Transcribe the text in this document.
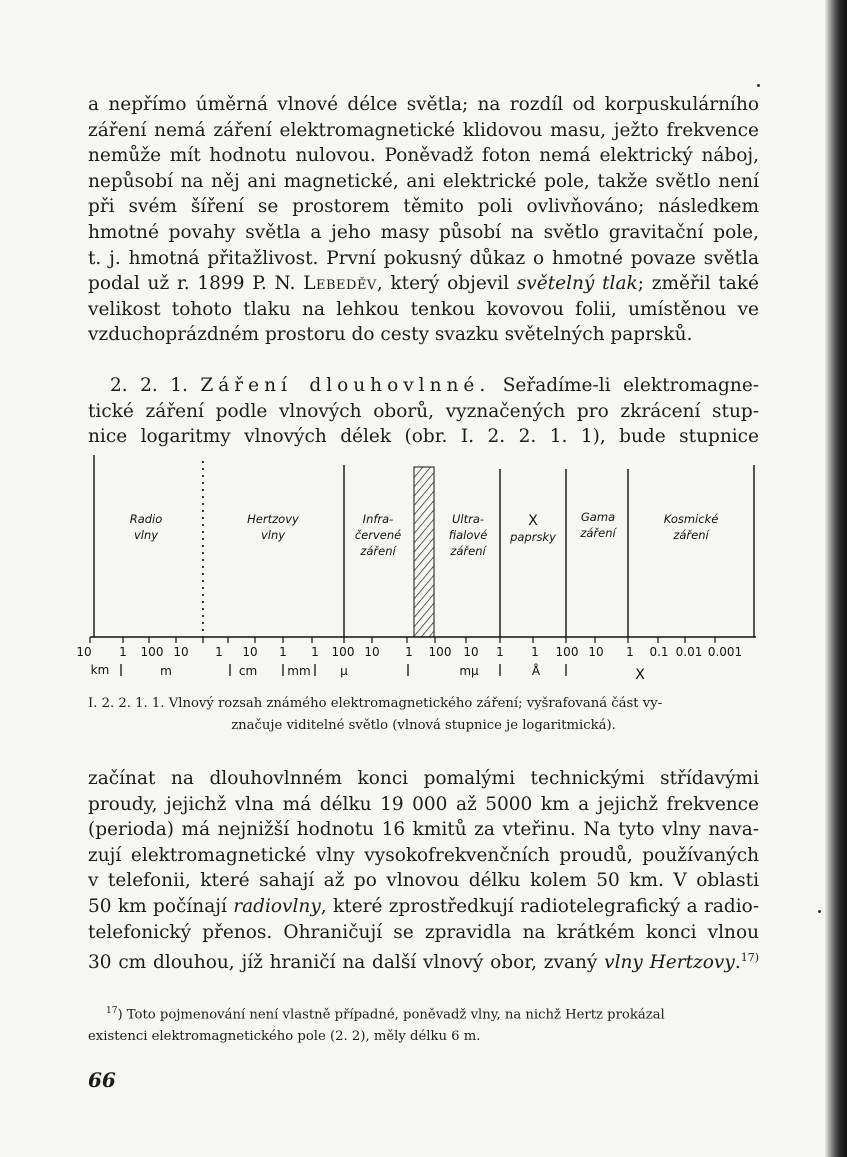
a nepřímo úměrná vlnové délce světla; na rozdíl od korpuskulárního
záření nemá záření elektromagnetické klidovou masu, ježto frekvence
nemůže mít hodnotu nulovou. Poněvadž foton nemá elektrický náboj,
nepůsobí na něj ani magnetické, ani elektrické pole, takže světlo není
při svém šíření se prostorem těmito poli ovlivňováno; následkem
hmotné povahy světla a jeho masy působí na světlo gravitační pole,
t. j. hmotná přitažlivost. První pokusný důkaz o hmotné povaze světla
podal už r. 1899 P. N. Lebeděv, který objevil světelný tlak; změřil také
velikost tohoto tlaku na lehkou tenkou kovovou folii, umístěnou ve
vzduchoprázdném prostoru do cesty svazku světelných paprsků.

2. 2. 1. Záření dlouhovlnné. Seřadíme-li elektromagne-
tické záření podle vlnových oborů, vyznačených pro zkrácení stup-
nice logaritmy vlnových délek (obr. I. 2. 2. 1. 1), bude stupnice

Radio
vlny
Hertzovy
vlny
Infra-
červené
záření
Ultra-
fialové
záření
X
paprsky
Gama
záření
Kosmické
záření
10 1 100 10 1 10 1 1 100 10 1 100 10 1 1 100 10 1 0.1 0.01 0.001
km	m	cm	mm μ	mμ	Å	X

I. 2. 2. 1. 1. Vlnový rozsah známého elektromagnetického záření; vyšrafovaná část vy-
značuje viditelné světlo (vlnová stupnice je logaritmická).

začínat na dlouhovlnném konci pomalými technickými střídavými
proudy, jejichž vlna má délku 19 000 až 5000 km a jejichž frekvence
(perioda) má nejnižší hodnotu 16 kmitů za vteřinu. Na tyto vlny nava-
zují elektromagnetické vlny vysokofrekvenčních proudů, používaných
v telefonii, které sahají až po vlnovou délku kolem 50 km. V oblasti
50 km počínají radiovlny, které zprostředkují radiotelegrafický a radio-
telefonický přenos. Ohraničují se zpravidla na krátkém konci vlnou
30 cm dlouhou, jíž hraničí na další vlnový obor, zvaný vlny Hertzovy.$^{17)}$

$^{17}$) Toto pojmenování není vlastně případné, poněvadž vlny, na nichž Hertz prokázal
existenci elektromagnetického pole (2. 2), měly délku 6 m.

66
